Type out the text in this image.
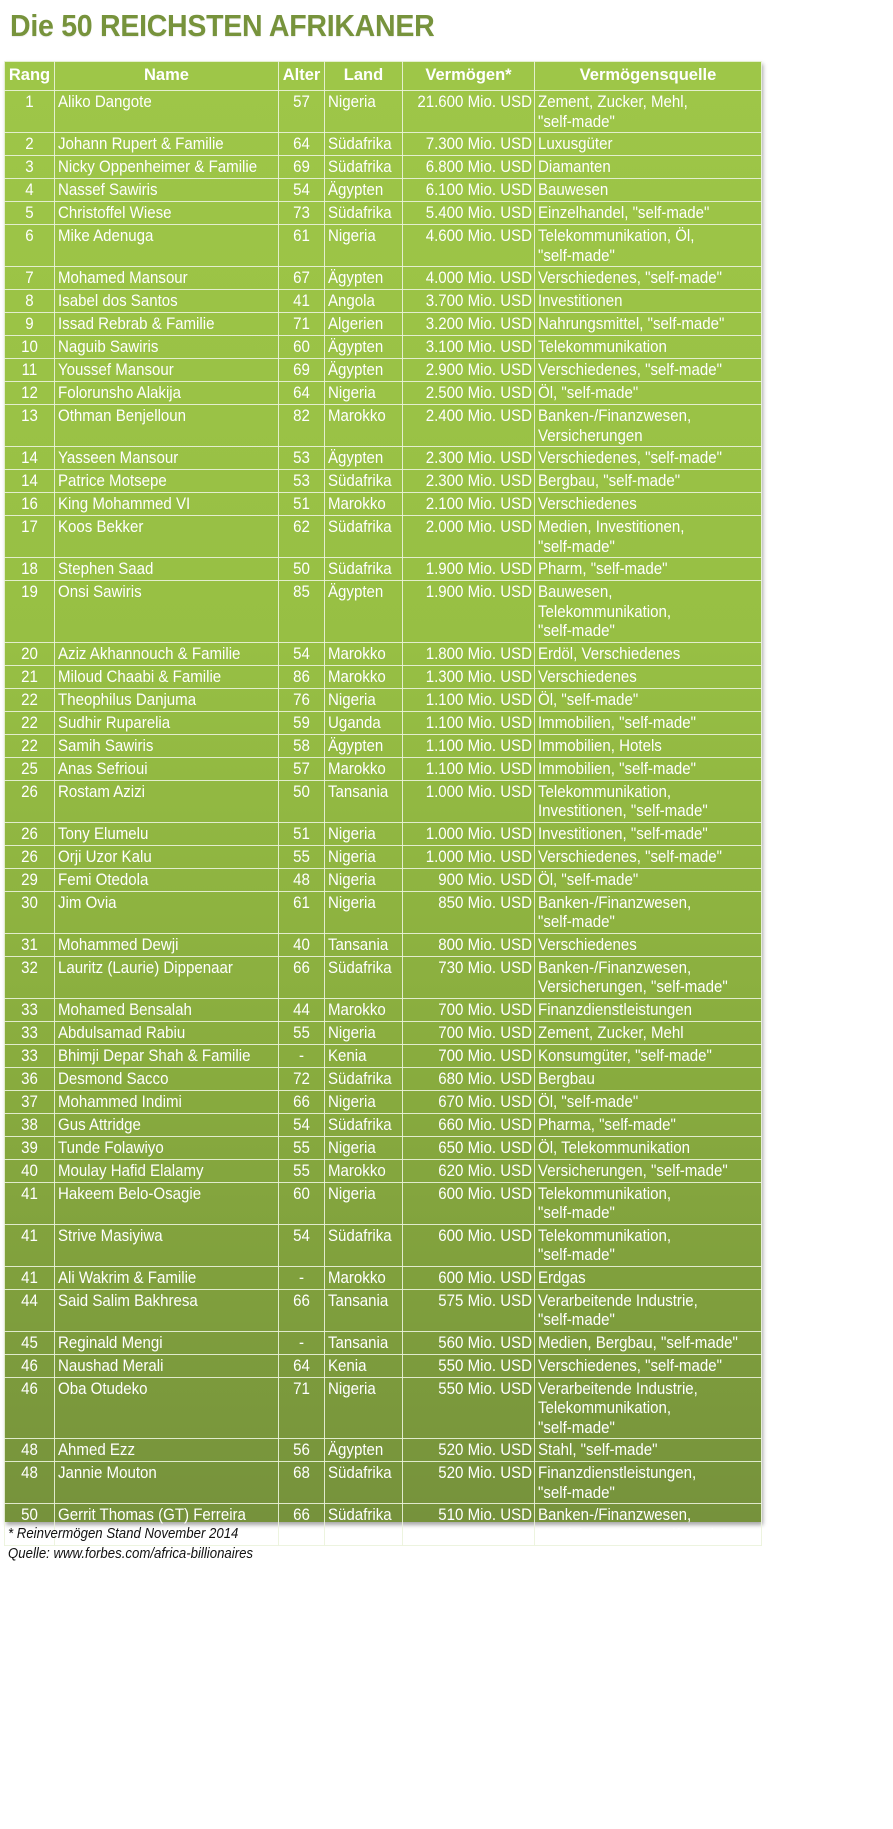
Die 50 REICHSTEN AFRIKANER
Rang	Name	Alter	Land	Vermögen*	Vermögensquelle

1	Aliko Dangote	57	Nigeria	21.600 Mio. USD	Zement, Zucker, Mehl,
"self-made"

2	Johann Rupert & Familie	64	Südafrika	7.300 Mio. USD	Luxusgüter

3	Nicky Oppenheimer & Familie	69	Südafrika	6.800 Mio. USD	Diamanten

4	Nassef Sawiris	54	Ägypten	6.100 Mio. USD	Bauwesen

5	Christoffel Wiese	73	Südafrika	5.400 Mio. USD	Einzelhandel, "self-made"

6	Mike Adenuga	61	Nigeria	4.600 Mio. USD	Telekommunikation, Öl,
"self-made"

7	Mohamed Mansour	67	Ägypten	4.000 Mio. USD	Verschiedenes, "self-made"

8	Isabel dos Santos	41	Angola	3.700 Mio. USD	Investitionen

9	Issad Rebrab & Familie	71	Algerien	3.200 Mio. USD	Nahrungsmittel, "self-made"

10	Naguib Sawiris	60	Ägypten	3.100 Mio. USD	Telekommunikation

11	Youssef Mansour	69	Ägypten	2.900 Mio. USD	Verschiedenes, "self-made"

12	Folorunsho Alakija	64	Nigeria	2.500 Mio. USD	Öl, "self-made"

13	Othman Benjelloun	82	Marokko	2.400 Mio. USD	Banken-/Finanzwesen,
Versicherungen

14	Yasseen Mansour	53	Ägypten	2.300 Mio. USD	Verschiedenes, "self-made"

14	Patrice Motsepe	53	Südafrika	2.300 Mio. USD	Bergbau, "self-made"

16	King Mohammed VI	51	Marokko	2.100 Mio. USD	Verschiedenes

17	Koos Bekker	62	Südafrika	2.000 Mio. USD	Medien, Investitionen,
"self-made"

18	Stephen Saad	50	Südafrika	1.900 Mio. USD	Pharm, "self-made"

19	Onsi Sawiris	85	Ägypten	1.900 Mio. USD	Bauwesen,
Telekommunikation,
"self-made"

20	Aziz Akhannouch & Familie	54	Marokko	1.800 Mio. USD	Erdöl, Verschiedenes

21	Miloud Chaabi & Familie	86	Marokko	1.300 Mio. USD	Verschiedenes

22	Theophilus Danjuma	76	Nigeria	1.100 Mio. USD	Öl, "self-made"

22	Sudhir Ruparelia	59	Uganda	1.100 Mio. USD	Immobilien, "self-made"

22	Samih Sawiris	58	Ägypten	1.100 Mio. USD	Immobilien, Hotels

25	Anas Sefrioui	57	Marokko	1.100 Mio. USD	Immobilien, "self-made"

26	Rostam Azizi	50	Tansania	1.000 Mio. USD	Telekommunikation,
Investitionen, "self-made"

26	Tony Elumelu	51	Nigeria	1.000 Mio. USD	Investitionen, "self-made"

26	Orji Uzor Kalu	55	Nigeria	1.000 Mio. USD	Verschiedenes, "self-made"

29	Femi Otedola	48	Nigeria	900 Mio. USD	Öl, "self-made"

30	Jim Ovia	61	Nigeria	850 Mio. USD	Banken-/Finanzwesen,
"self-made"

31	Mohammed Dewji	40	Tansania	800 Mio. USD	Verschiedenes

32	Lauritz (Laurie) Dippenaar	66	Südafrika	730 Mio. USD	Banken-/Finanzwesen,
Versicherungen, "self-made"

33	Mohamed Bensalah	44	Marokko	700 Mio. USD	Finanzdienstleistungen

33	Abdulsamad Rabiu	55	Nigeria	700 Mio. USD	Zement, Zucker, Mehl

33	Bhimji Depar Shah & Familie	-	Kenia	700 Mio. USD	Konsumgüter, "self-made"

36	Desmond Sacco	72	Südafrika	680 Mio. USD	Bergbau

37	Mohammed Indimi	66	Nigeria	670 Mio. USD	Öl, "self-made"

38	Gus Attridge	54	Südafrika	660 Mio. USD	Pharma, "self-made"

39	Tunde Folawiyo	55	Nigeria	650 Mio. USD	Öl, Telekommunikation

40	Moulay Hafid Elalamy	55	Marokko	620 Mio. USD	Versicherungen, "self-made"

41	Hakeem Belo-Osagie	60	Nigeria	600 Mio. USD	Telekommunikation,
"self-made"

41	Strive Masiyiwa	54	Südafrika	600 Mio. USD	Telekommunikation,
"self-made"

41	Ali Wakrim & Familie	-	Marokko	600 Mio. USD	Erdgas

44	Said Salim Bakhresa	66	Tansania	575 Mio. USD	Verarbeitende Industrie,
"self-made"

45	Reginald Mengi	-	Tansania	560 Mio. USD	Medien, Bergbau, "self-made"

46	Naushad Merali	64	Kenia	550 Mio. USD	Verschiedenes, "self-made"

46	Oba Otudeko	71	Nigeria	550 Mio. USD	Verarbeitende Industrie,
Telekommunikation,
"self-made"

48	Ahmed Ezz	56	Ägypten	520 Mio. USD	Stahl, "self-made"

48	Jannie Mouton	68	Südafrika	520 Mio. USD	Finanzdienstleistungen,
"self-made"

50	Gerrit Thomas (GT) Ferreira	66	Südafrika	510 Mio. USD	Banken-/Finanzwesen,
Versicherungen, "self-made"
* Reinvermögen Stand November 2014
Quelle: www.forbes.com/africa-billionaires
